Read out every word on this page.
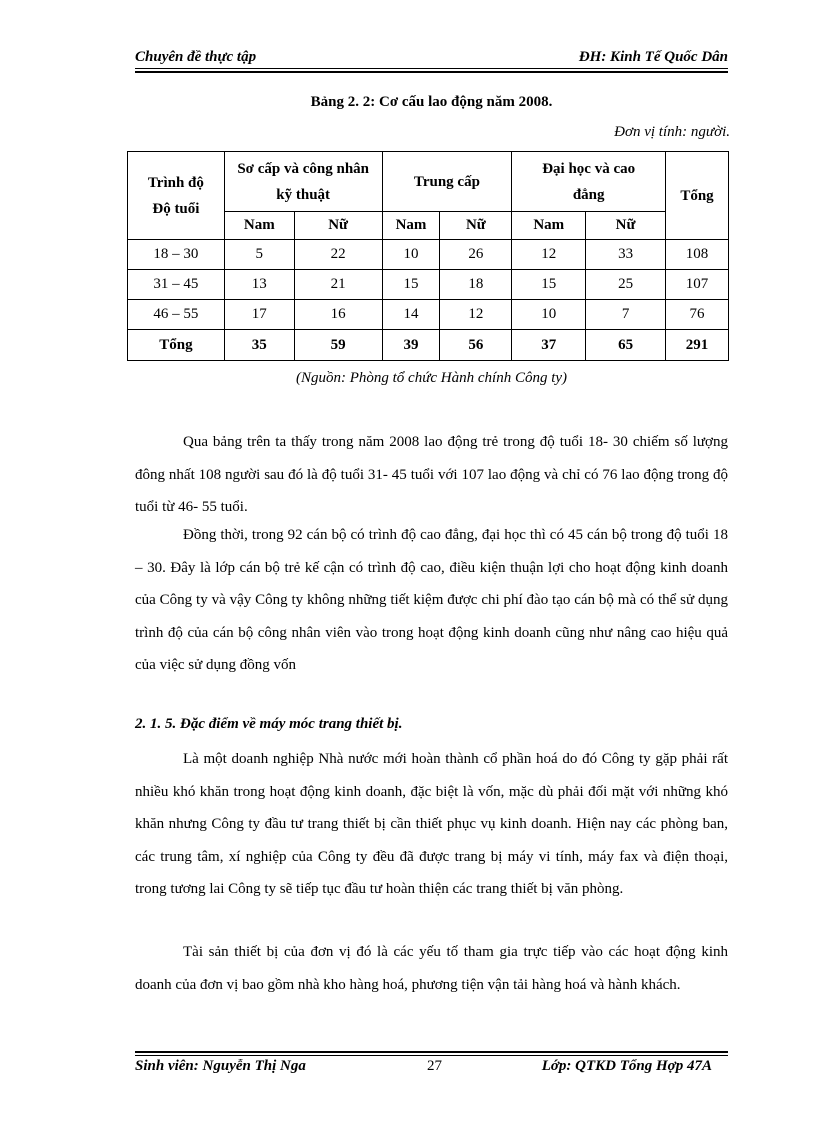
Chuyên đề thực tập	ĐH: Kinh Tế Quốc Dân
Bảng 2. 2: Cơ cấu lao động năm 2008.
Đơn vị tính: người.
Trình độ
Độ tuổi	Sơ cấp và công nhân
kỹ thuật		Trung cấp		Đại học và cao
đẳng		Tổng
	Nam	Nữ	Nam	Nữ	Nam	Nữ	
18 – 30	5	22	10	26	12	33	108
31 – 45	13	21	15	18	15	25	107
46 – 55	17	16	14	12	10	7	76
Tổng	35	59	39	56	37	65	291
(Nguồn: Phòng tổ chức Hành chính Công ty)

Qua bảng trên ta thấy trong năm 2008 lao động trẻ trong độ tuổi 18- 30 chiếm số lượng đông nhất 108 người sau đó là độ tuổi 31- 45 tuổi với 107 lao động và chỉ có 76 lao động trong độ tuổi từ 46- 55 tuổi.

Đồng thời, trong 92 cán bộ có trình độ cao đẳng, đại học thì có 45 cán bộ trong độ tuổi 18 – 30. Đây là lớp cán bộ trẻ kế cận có trình độ cao, điều kiện thuận lợi cho hoạt động kinh doanh của Công ty và vậy Công ty không những tiết kiệm được chi phí đào tạo cán bộ mà có thể sử dụng trình độ của cán bộ công nhân viên vào trong hoạt động kinh doanh cũng như nâng cao hiệu quả của việc sử dụng đồng vốn

2. 1. 5. Đặc điểm về máy móc trang thiết bị.

Là một doanh nghiệp Nhà nước mới hoàn thành cổ phần hoá do đó Công ty gặp phải rất nhiều khó khăn trong hoạt động kinh doanh, đặc biệt là vốn, mặc dù phải đối mặt với những khó khăn nhưng Công ty đầu tư trang thiết bị cần thiết phục vụ kinh doanh. Hiện nay các phòng ban, các trung tâm, xí nghiệp của Công ty đều đã được trang bị máy vi tính, máy fax và điện thoại, trong tương lai Công ty sẽ tiếp tục đầu tư hoàn thiện các trang thiết bị văn phòng.

Tài sản thiết bị của đơn vị đó là các yếu tố tham gia trực tiếp vào các hoạt động kinh doanh của đơn vị bao gồm nhà kho hàng hoá, phương tiện vận tải hàng hoá và hành khách.

Sinh viên: Nguyễn Thị Nga	27	Lớp: QTKD Tổng Hợp 47A
